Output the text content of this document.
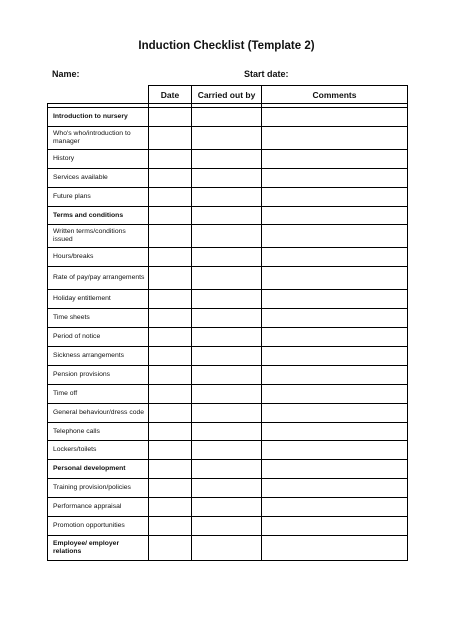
Induction Checklist (Template 2)
Name:	Start date:
	Date	Carried out by	Comments

Introduction to nursery			
Who's who/introduction to manager			
History			
Services available			
Future plans			
Terms and conditions			
Written terms/conditions issued			
Hours/breaks			
Rate of pay/pay arrangements			
Holiday entitlement			
Time sheets			
Period of notice			
Sickness arrangements			
Pension provisions			
Time off			
General behaviour/dress code			
Telephone calls			
Lockers/toilets			
Personal development			
Training provision/policies			
Performance appraisal			
Promotion opportunities			
Employee/ employer relations			
